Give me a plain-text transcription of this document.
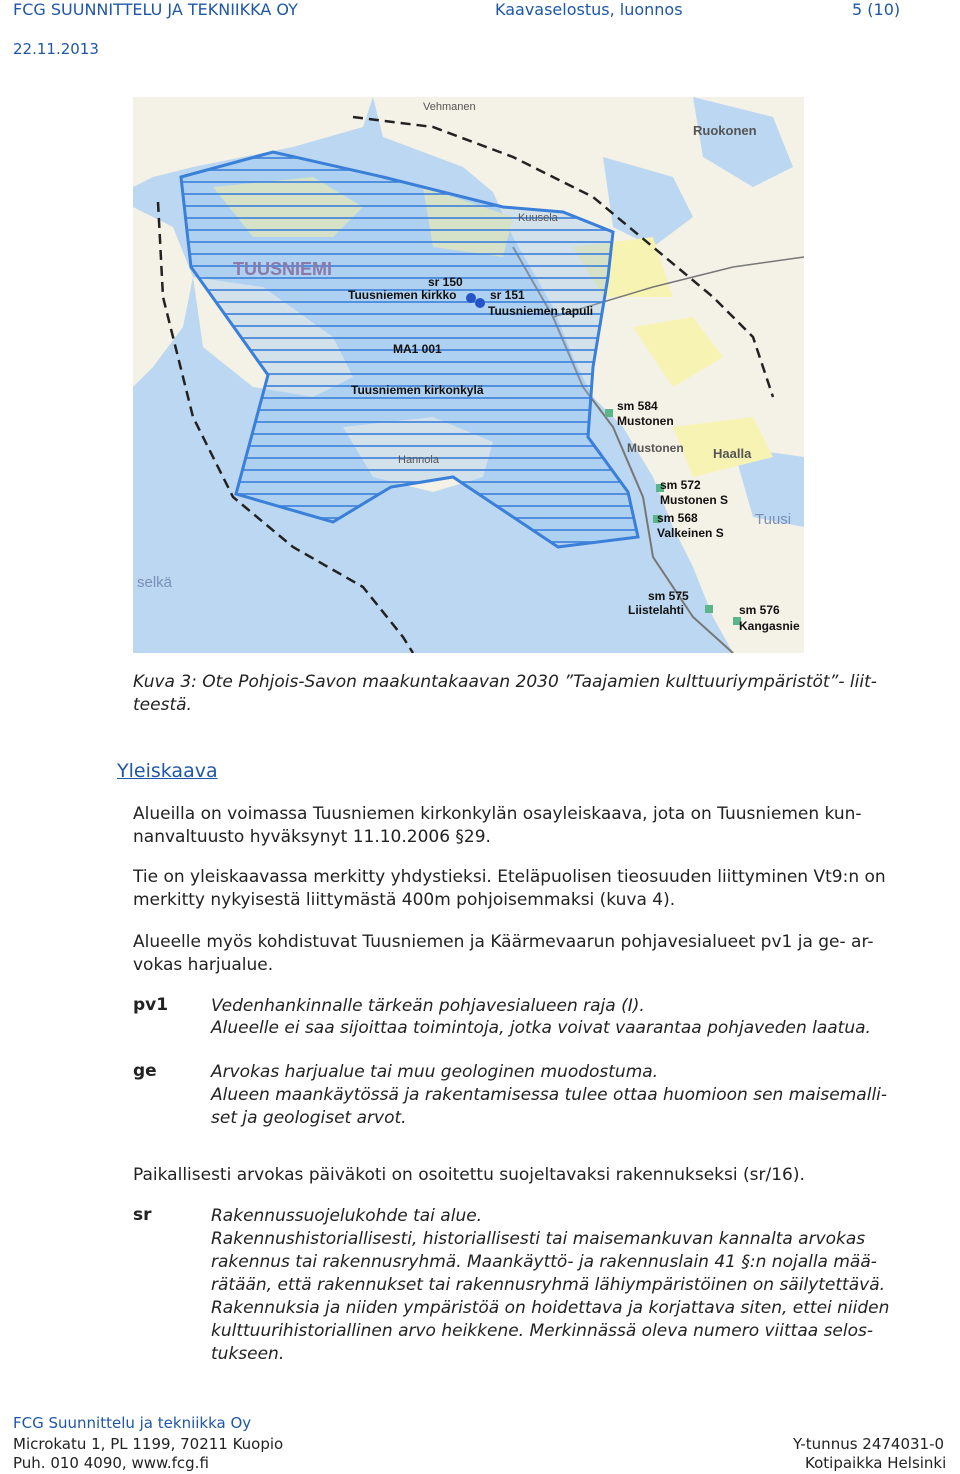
FCG SUUNNITTELU JA TEKNIIKKA OY	Kaavaselostus, luonnos	5 (10)
22.11.2013
TUUSNIEMI
sr 150
Tuusniemen kirkko	sr 151
Tuusniemen tapuli
MA1 001
Tuusniemen kirkonkylä
sm 584
Mustonen
sm 572
Mustonen S
sm 568
Valkeinen S
sm 575
Liistelahti	sm 576
Kangasnie
Ruokonen
Kuusela
Vehmanen
Hannola
selkä
Mustonen Haalla
Tuusi

Kuva 3: Ote Pohjois-Savon maakuntakaavan 2030 ”Taajamien kulttuuriympäristöt”- liit-teestä.

Yleiskaava

Alueilla on voimassa Tuusniemen kirkonkylän osayleiskaava, jota on Tuusniemen kun-

nanvaltuusto hyväksynyt 11.10.2006 §29.

Tie on yleiskaavassa merkitty yhdystieksi. Eteläpuolisen tieosuuden liittyminen Vt9:n on

merkitty nykyisestä liittymästä 400m pohjoisemmaksi (kuva 4).

Alueelle myös kohdistuvat Tuusniemen ja Käärmevaarun pohjavesialueet pv1 ja ge- ar-

vokas harjualue.

pv1	Vedenhankinnalle tärkeän pohjavesialueen raja (I).

Alueelle ei saa sijoittaa toimintoja, jotka voivat vaarantaa pohjaveden laatua.

ge	Arvokas harjualue tai muu geologinen muodostuma.

Alueen maankäytössä ja rakentamisessa tulee ottaa huomioon sen maisemalli-

set ja geologiset arvot.

Paikallisesti arvokas päiväkoti on osoitettu suojeltavaksi rakennukseksi (sr/16).

sr	Rakennussuojelukohde tai alue.

Rakennushistoriallisesti, historiallisesti tai maisemankuvan kannalta arvokas

rakennus tai rakennusryhmä. Maankäyttö- ja rakennuslain 41 §:n nojalla mää-

rätään, että rakennukset tai rakennusryhmä lähiympäristöinen on säilytettävä.

Rakennuksia ja niiden ympäristöä on hoidettava ja korjattava siten, ettei niiden

kulttuurihistoriallinen arvo heikkene. Merkinnässä oleva numero viittaa selos-

tukseen.

FCG Suunnittelu ja tekniikka Oy
Microkatu 1, PL 1199, 70211 Kuopio
Puh. 010 4090, www.fcg.fi
Y-tunnus 2474031-0
Kotipaikka Helsinki
